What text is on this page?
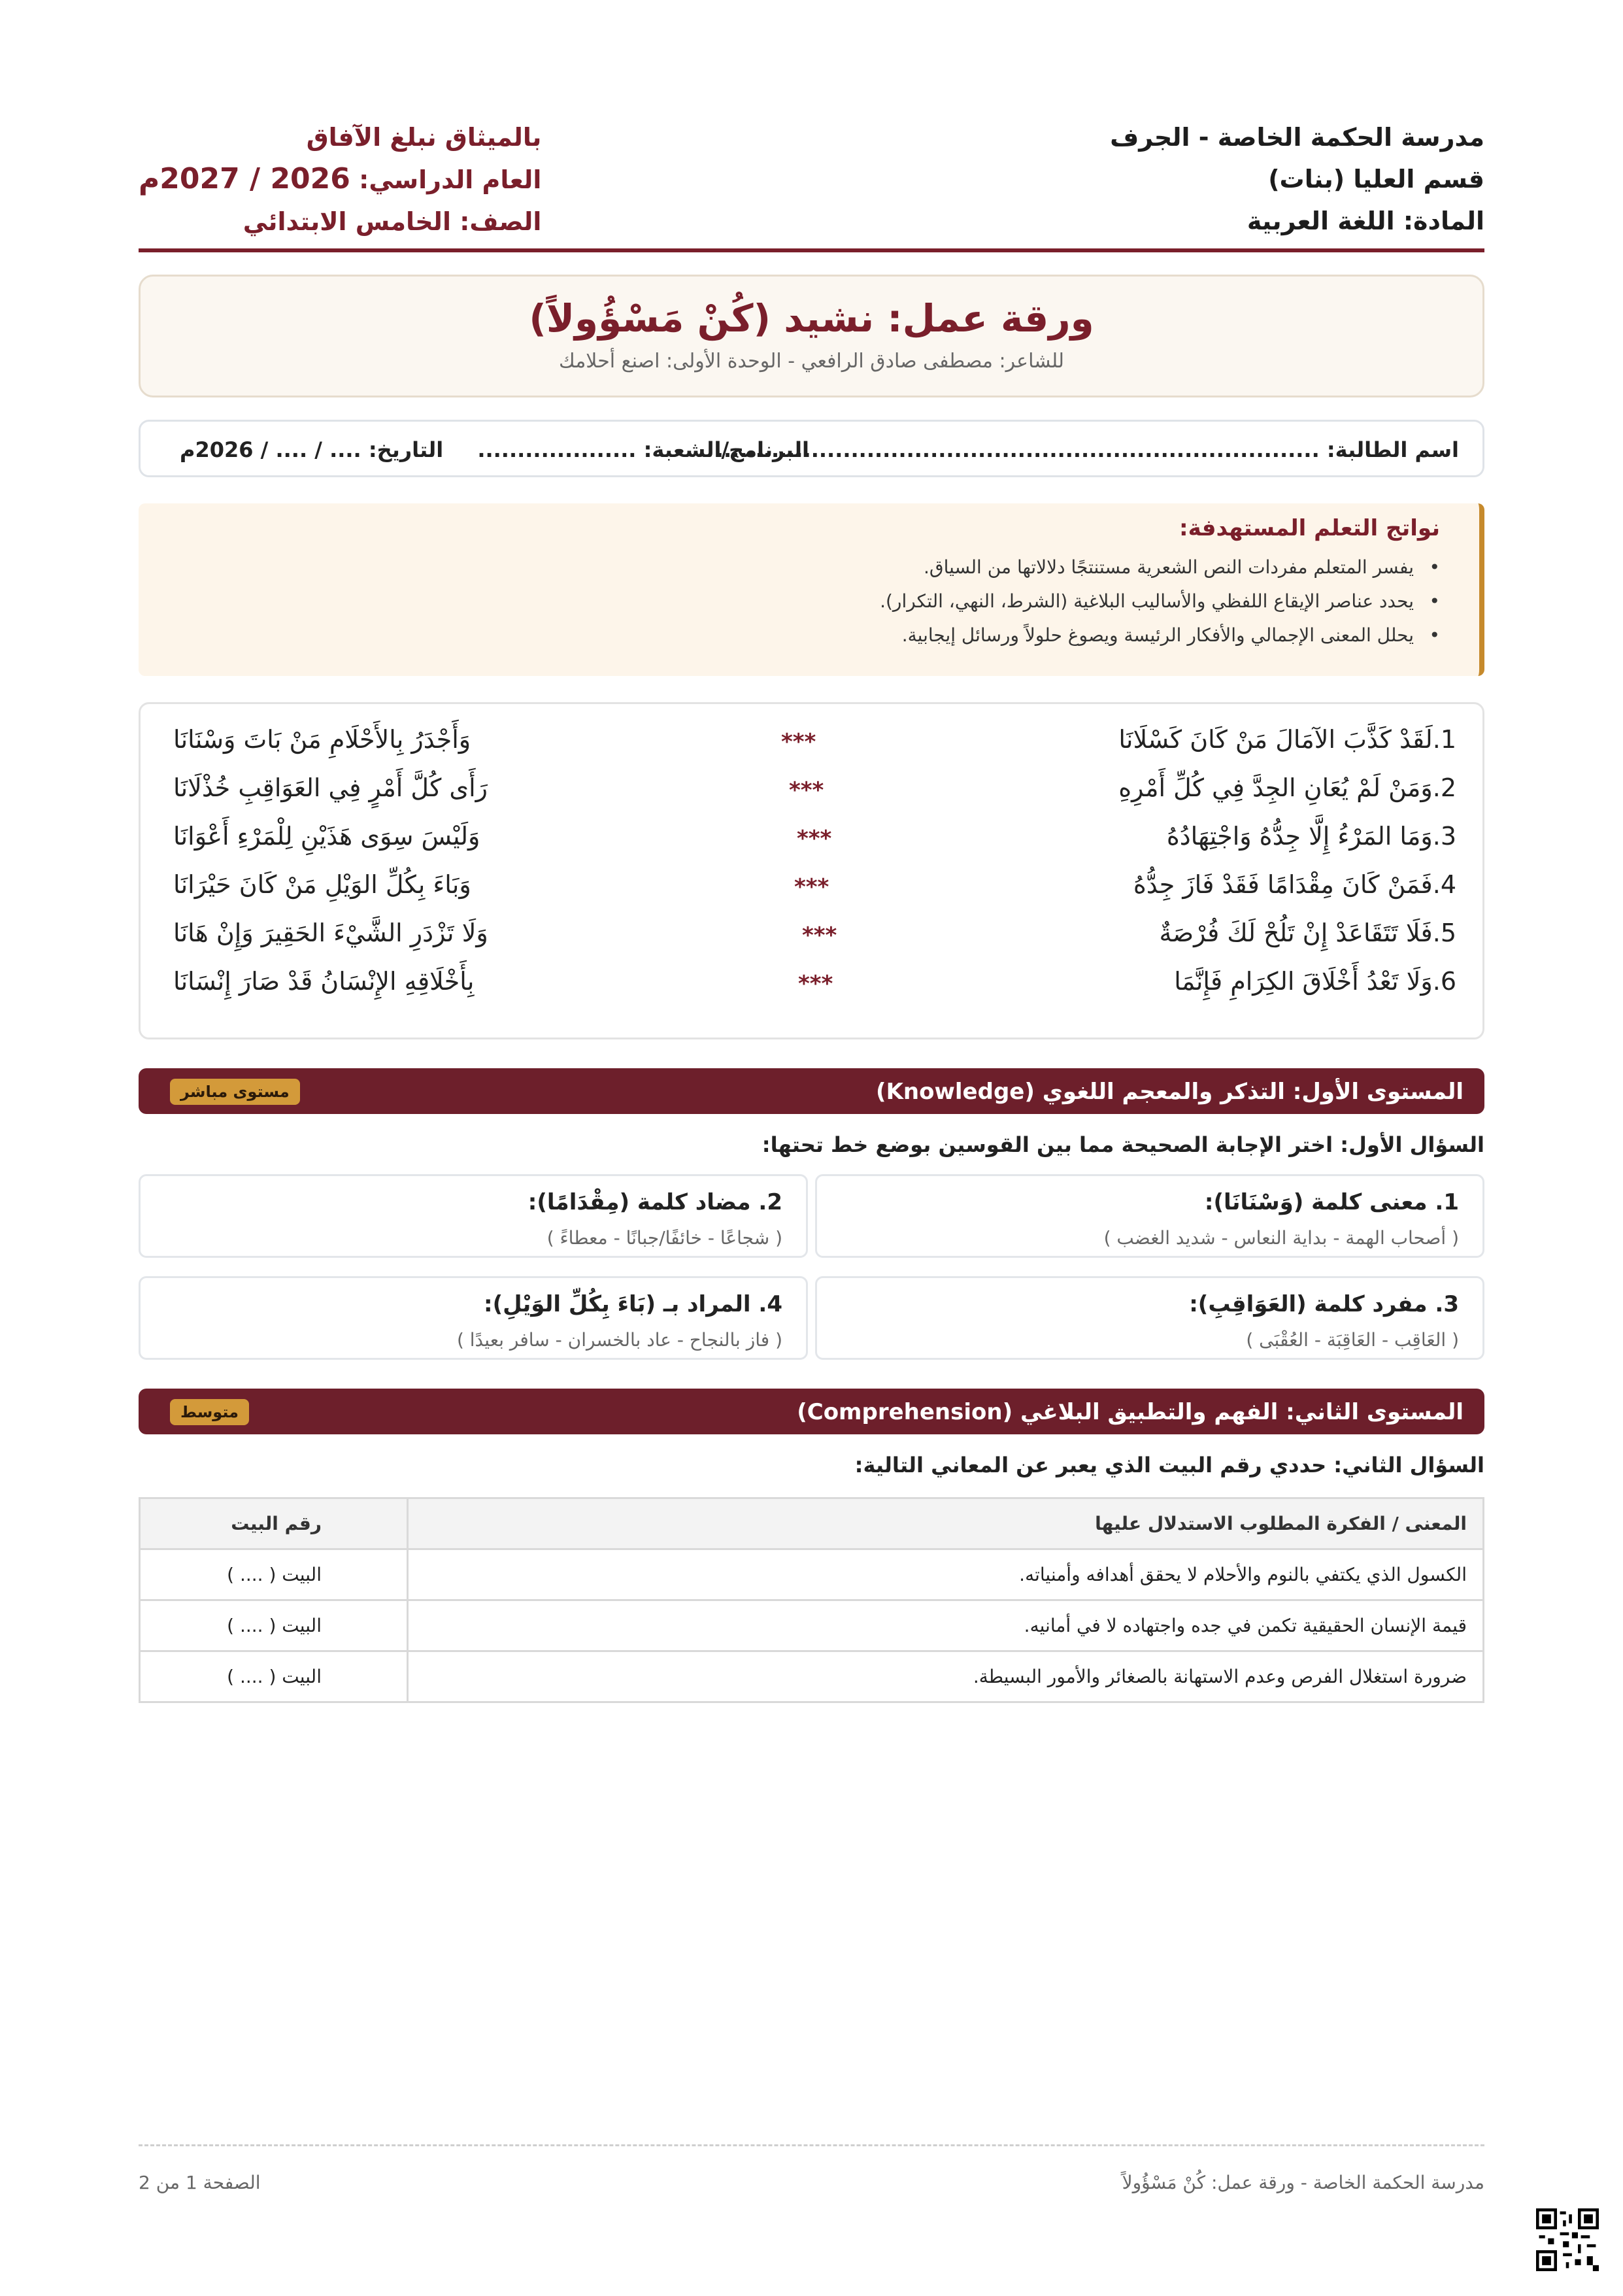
مدرسة الحكمة الخاصة - الجرف
قسم العليا (بنات)
المادة: اللغة العربية
بالميثاق نبلغ الآفاق
العام الدراسي: 2026 / 2027م
الصف: الخامس الابتدائي
ورقة عمل: نشيد (كُنْ مَسْؤُولاً)
للشاعر: مصطفى صادق الرافعي - الوحدة الأولى: اصنع أحلامك
اسم الطالبة: ............................................................................
البرنامج/الشعبة: ....................
التاريخ: .... / .... / 2026م
نواتج التعلم المستهدفة:
• يفسر المتعلم مفردات النص الشعرية مستنتجًا دلالاتها من السياق.
• يحدد عناصر الإيقاع اللفظي والأساليب البلاغية (الشرط، النهي، التكرار).
• يحلل المعنى الإجمالي والأفكار الرئيسة ويصوغ حلولاً ورسائل إيجابية.
1.لَقَدْ كَذَّبَ الآمَالَ مَنْ كَانَ كَسْلَانَا
***
وَأَجْدَرُ بِالأَحْلَامِ مَنْ بَاتَ وَسْنَانَا
2.وَمَنْ لَمْ يُعَانِ الجِدَّ فِي كُلِّ أَمْرِهِ
***
رَأَى كُلَّ أَمْرٍ فِي العَوَاقِبِ خُذْلَانَا
3.وَمَا المَرْءُ إِلَّا جِدُّهُ وَاجْتِهَادُهُ
***
وَلَيْسَ سِوَى هَذَيْنِ لِلْمَرْءِ أَعْوَانَا
4.فَمَنْ كَانَ مِقْدَامًا فَقَدْ فَازَ جِدُّهُ
***
وَبَاءَ بِكُلِّ الوَيْلِ مَنْ كَانَ حَيْرَانَا
5.فَلَا تَتَقَاعَدْ إِنْ تَلُحْ لَكَ فُرْصَةٌ
***
وَلَا تَزْدَرِ الشَّيْءَ الحَقِيرَ وَإِنْ هَانَا
6.وَلَا تَعْدُ أَخْلَاقَ الكِرَامِ فَإِنَّمَا
***
بِأَخْلَاقِهِ الإِنْسَانُ قَدْ صَارَ إِنْسَانَا
المستوى الأول: التذكر والمعجم اللغوي (Knowledge)
مستوى مباشر
السؤال الأول: اختر الإجابة الصحيحة مما بين القوسين بوضع خط تحتها:
1. معنى كلمة (وَسْنَانَا):
( أصحاب الهمة - بداية النعاس - شديد الغضب )
2. مضاد كلمة (مِقْدَامًا):
( شجاعًا - خائفًا/جبانًا - معطاءً )
3. مفرد كلمة (العَوَاقِبِ):
( العَاقِب - العَاقِبَة - العُقْبَى )
4. المراد بـ (بَاءَ بِكُلِّ الوَيْلِ):
( فاز بالنجاح - عاد بالخسران - سافر بعيدًا )
المستوى الثاني: الفهم والتطبيق البلاغي (Comprehension)
متوسط
السؤال الثاني: حددي رقم البيت الذي يعبر عن المعاني التالية:
المعنى / الفكرة المطلوب الاستدلال عليها	رقم البيت
الكسول الذي يكتفي بالنوم والأحلام لا يحقق أهدافه وأمنياته.	البيت ( .... )
قيمة الإنسان الحقيقية تكمن في جده واجتهاده لا في أمانيه.	البيت ( .... )
ضرورة استغلال الفرص وعدم الاستهانة بالصغائر والأمور البسيطة.	البيت ( .... )
مدرسة الحكمة الخاصة - ورقة عمل: كُنْ مَسْؤُولاً
الصفحة 1 من 2
